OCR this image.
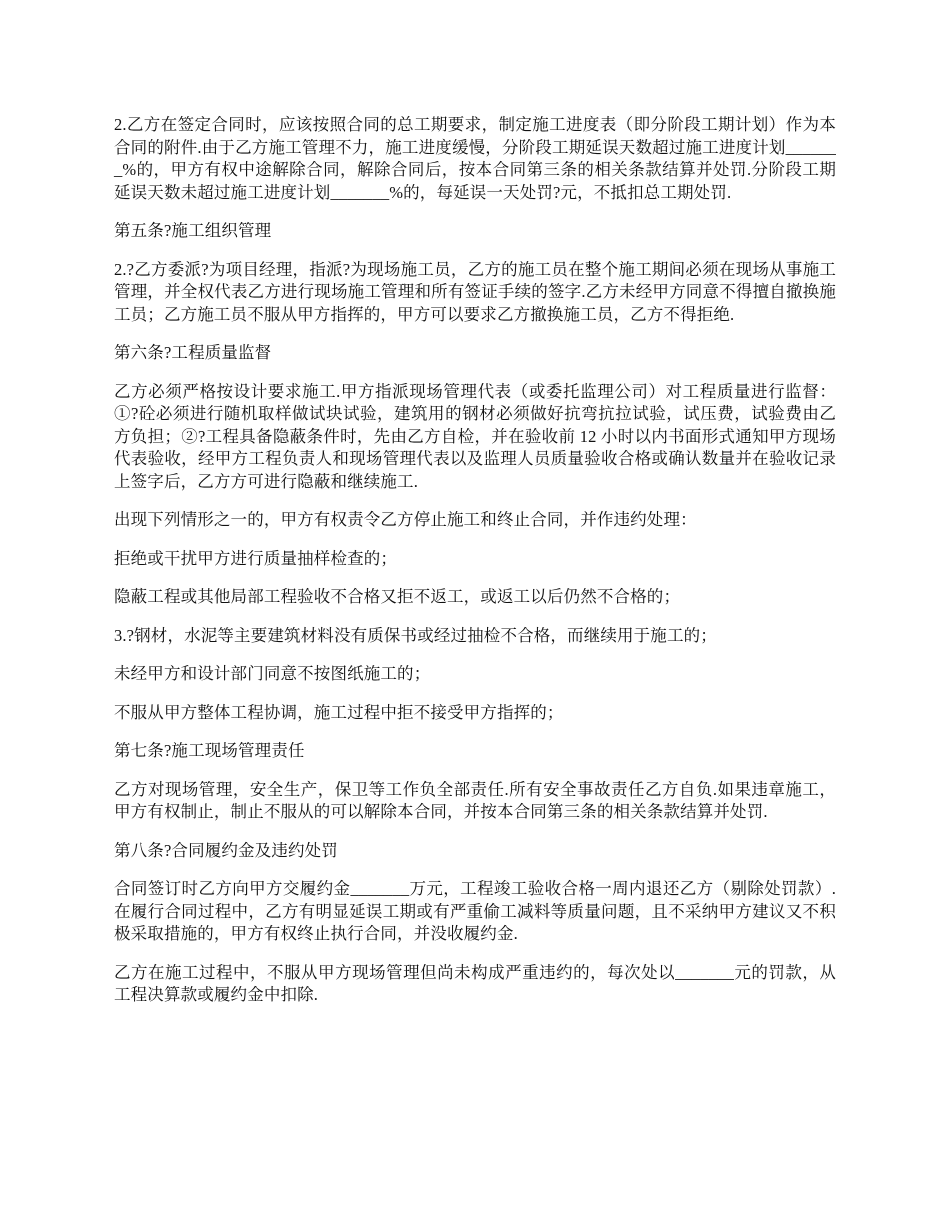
2.乙方在签定合同时，应该按照合同的总工期要求，制定施工进度表（即分阶段工期计划）作为本合同的附件.由于乙方施工管理不力，施工进度缓慢，分阶段工期延误天数超过施工进度计划_______%的，甲方有权中途解除合同，解除合同后，按本合同第三条的相关条款结算并处罚.分阶段工期延误天数未超过施工进度计划_______%的，每延误一天处罚?元，不抵扣总工期处罚.

第五条?施工组织管理

2.?乙方委派?为项目经理，指派?为现场施工员，乙方的施工员在整个施工期间必须在现场从事施工管理，并全权代表乙方进行现场施工管理和所有签证手续的签字.乙方未经甲方同意不得擅自撤换施工员；乙方施工员不服从甲方指挥的，甲方可以要求乙方撤换施工员，乙方不得拒绝.

第六条?工程质量监督

乙方必须严格按设计要求施工.甲方指派现场管理代表（或委托监理公司）对工程质量进行监督：①?砼必须进行随机取样做试块试验，建筑用的钢材必须做好抗弯抗拉试验，试压费，试验费由乙方负担；②?工程具备隐蔽条件时，先由乙方自检，并在验收前 12 小时以内书面形式通知甲方现场代表验收，经甲方工程负责人和现场管理代表以及监理人员质量验收合格或确认数量并在验收记录上签字后，乙方方可进行隐蔽和继续施工.

出现下列情形之一的，甲方有权责令乙方停止施工和终止合同，并作违约处理：

拒绝或干扰甲方进行质量抽样检查的；

隐蔽工程或其他局部工程验收不合格又拒不返工，或返工以后仍然不合格的；

3.?钢材，水泥等主要建筑材料没有质保书或经过抽检不合格，而继续用于施工的；

未经甲方和设计部门同意不按图纸施工的；

不服从甲方整体工程协调，施工过程中拒不接受甲方指挥的；

第七条?施工现场管理责任

乙方对现场管理，安全生产，保卫等工作负全部责任.所有安全事故责任乙方自负.如果违章施工，甲方有权制止，制止不服从的可以解除本合同，并按本合同第三条的相关条款结算并处罚.

第八条?合同履约金及违约处罚

合同签订时乙方向甲方交履约金_______万元，工程竣工验收合格一周内退还乙方（剔除处罚款）.在履行合同过程中，乙方有明显延误工期或有严重偷工减料等质量问题，且不采纳甲方建议又不积极采取措施的，甲方有权终止执行合同，并没收履约金.

乙方在施工过程中，不服从甲方现场管理但尚未构成严重违约的，每次处以_______元的罚款，从工程决算款或履约金中扣除.
